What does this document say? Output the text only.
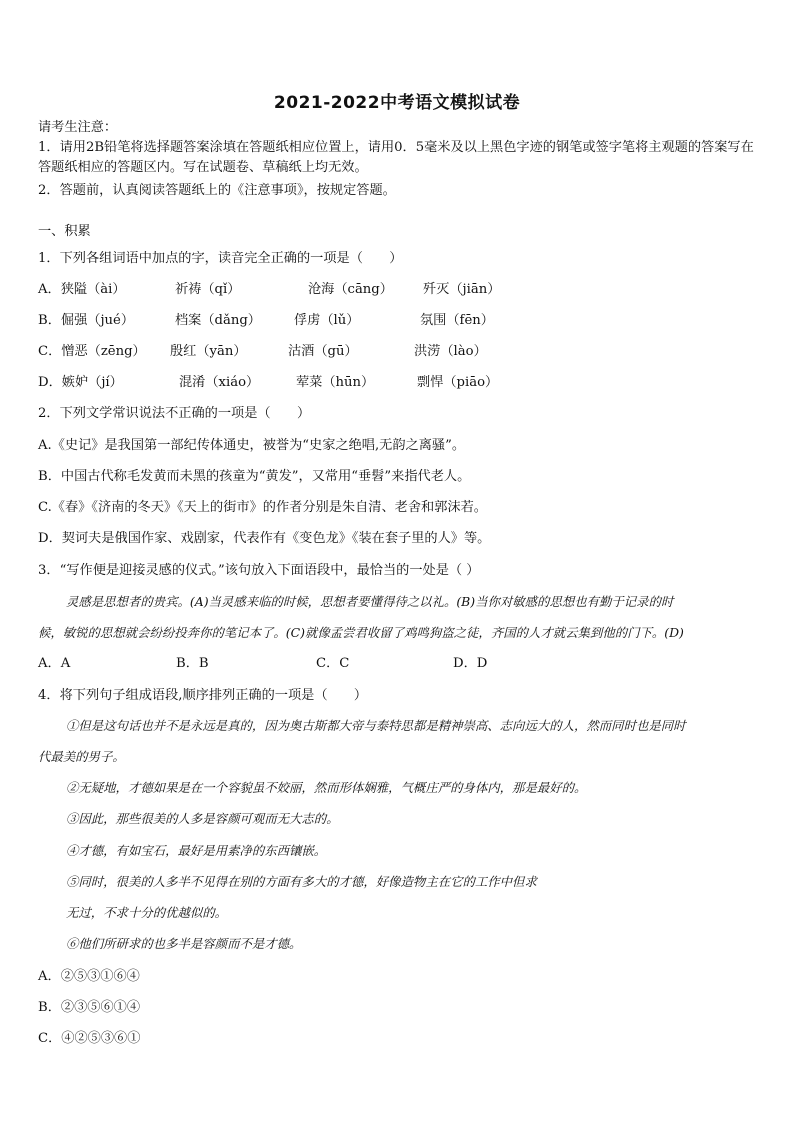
2021-2022中考语文模拟试卷
请考生注意：
1．请用2B铅笔将选择题答案涂填在答题纸相应位置上，请用0．5毫米及以上黑色字迹的钢笔或签字笔将主观题的答案写在答题纸相应的答题区内。写在试题卷、草稿纸上均无效。
2．答题前，认真阅读答题纸上的《注意事项》，按规定答题。
一、积累
1．下列各组词语中加点的字，读音完全正确的一项是（　　）
A．狭隘（ài）	祈祷（qǐ）	沧海（cāng） 歼灭（jiān）
B．倔强（jué）	档案（dǎng）	俘虏（lǔ）	氛围（fēn）
C．憎恶（zēng） 殷红（yān）	沽酒（gū）	洪涝（lào）
D．嫉妒（jí）	混淆（xiáo）	荤菜（hūn）	剽悍（piāo）
2．下列文学常识说法不正确的一项是（　　）
A.《史记》是我国第一部纪传体通史，被誉为“史家之绝唱,无韵之离骚”。
B．中国古代称毛发黄而未黑的孩童为“黄发”，又常用“垂髫”来指代老人。
C.《春》《济南的冬天》《天上的街市》的作者分别是朱自清、老舍和郭沫若。
D．契诃夫是俄国作家、戏剧家，代表作有《变色龙》《装在套子里的人》等。
3．“写作便是迎接灵感的仪式。”该句放入下面语段中，最恰当的一处是（ ）
灵感是思想者的贵宾。(A)当灵感来临的时候，思想者要懂得待之以礼。(B)当你对敏感的思想也有勤于记录的时
候，敏锐的思想就会纷纷投奔你的笔记本了。(C)就像孟尝君收留了鸡鸣狗盗之徒，齐国的人才就云集到他的门下。(D)
A．A	B．B	C．C	D．D
4．将下列句子组成语段,顺序排列正确的一项是（　　）
①但是这句话也并不是永远是真的，因为奥古斯都大帝与泰特思都是精神崇高、志向远大的人，然而同时也是同时
代最美的男子。
②无疑地，才德如果是在一个容貌虽不姣丽，然而形体娴雅，气概庄严的身体内，那是最好的。
③因此，那些很美的人多是容颜可观而无大志的。
④才德，有如宝石，最好是用素净的东西镶嵌。
⑤同时，很美的人多半不见得在别的方面有多大的才德，好像造物主在它的工作中但求
无过，不求十分的优越似的。
⑥他们所研求的也多半是容颜而不是才德。
A．②⑤③①⑥④
B．②③⑤⑥①④
C．④②⑤③⑥①
